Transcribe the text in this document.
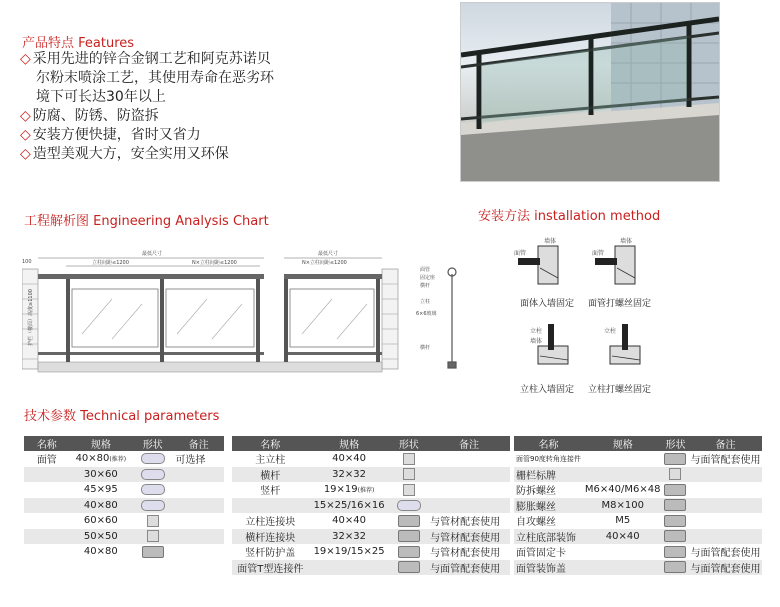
产品特点 Features
◇ 采用先进的锌合金钢工艺和阿克苏诺贝
尔粉末喷涂工艺，其使用寿命在恶劣环
境下可长达30年以上
◇ 防腐、防锈、防盗拆
◇ 安装方便快捷，省时又省力
◇ 造型美观大方，安全实用又环保
工程解析图 Engineering Analysis Chart
最低尺寸	最低尺寸
立柱间距≤1200	N×立柱间距≤1200	N×立柱间距≤1200
100
护栏（楼面）高度≥1100
面管
固定座
横杆
立柱
6×6玻璃
横杆
安装方法 installation method
墙体
面管
墙体
面管
立柱
墙体
立柱
面体入墙固定 面管打螺丝固定
立柱入墙固定 立柱打螺丝固定
技术参数 Technical parameters
名称	规格	形状	备注
面管	40×80(推荐)		可选择
	30×60		
	45×95		
	40×80		
	60×60		
	50×50		
	40×80		
名称	规格	形状	备注
主立柱	40×40		
横杆	32×32		
竖杆	19×19(推荐)		
	15×25/16×16		
立柱连接块	40×40		与管材配套使用
横杆连接块	32×32		与管材配套使用
竖杆防护盖	19×19/15×25		与管材配套使用
面管T型连接件			与面管配套使用
名称	规格	形状	备注
面管90度转角连接件			与面管配套使用
栅栏标牌			
防拆螺丝	M6×40/M6×48		
膨胀螺丝	M8×100		
自攻螺丝	M5		
立柱底部装饰	40×40		
面管固定卡			与面管配套使用
面管装饰盖			与面管配套使用
